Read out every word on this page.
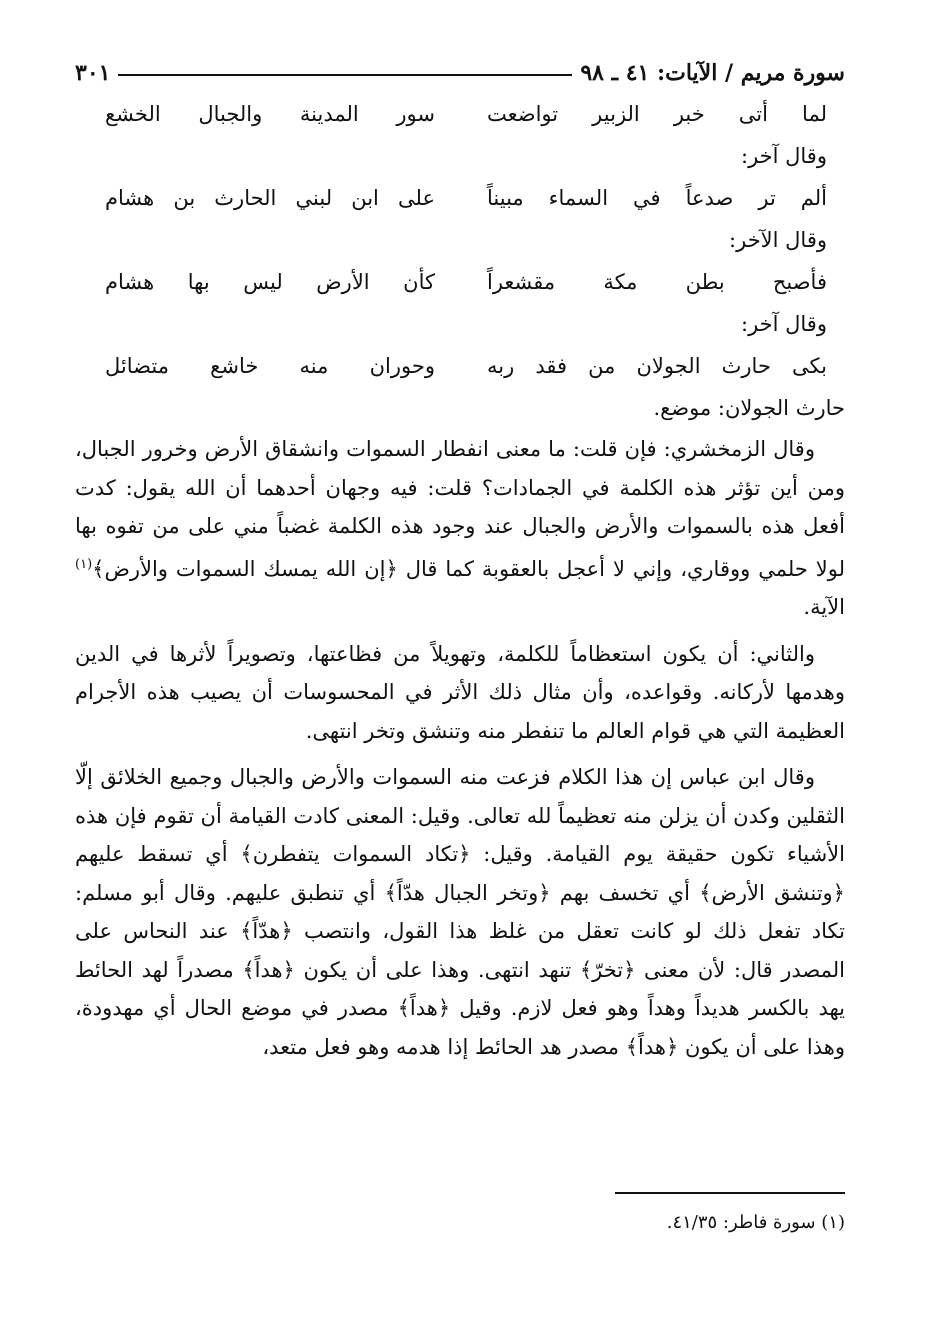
سورة مريم / الآيات: ٤١ ـ ٩٨
٣٠١
لما أتى خبر الزبير تواضعت
سور المدينة والجبال الخشع
وقال آخر:
ألم تر صدعاً في السماء مبيناً
على ابن لبني الحارث بن هشام
وقال الآخر:
فأصبح بطن مكة مقشعراً
كأن الأرض ليس بها هشام
وقال آخر:
بكى حارث الجولان من فقد ربه
وحوران منه خاشع متضائل
حارث الجولان: موضع.

وقال الزمخشري: فإن قلت: ما معنى انفطار السموات وانشقاق الأرض وخرور الجبال، ومن أين تؤثر هذه الكلمة في الجمادات؟ قلت: فيه وجهان أحدهما أن الله يقول: كدت أفعل هذه بالسموات والأرض والجبال عند وجود هذه الكلمة غضباً مني على من تفوه بها لولا حلمي ووقاري، وإني لا أعجل بالعقوبة كما قال ﴿إن الله يمسك السموات والأرض﴾$^{(١)}$ الآية.

والثاني: أن يكون استعظاماً للكلمة، وتهويلاً من فظاعتها، وتصويراً لأثرها في الدين وهدمها لأركانه. وقواعده، وأن مثال ذلك الأثر في المحسوسات أن يصيب هذه الأجرام العظيمة التي هي قوام العالم ما تنفطر منه وتنشق وتخر انتهى.

وقال ابن عباس إن هذا الكلام فزعت منه السموات والأرض والجبال وجميع الخلائق إلّا الثقلين وكدن أن يزلن منه تعظيماً لله تعالى. وقيل: المعنى كادت القيامة أن تقوم فإن هذه الأشياء تكون حقيقة يوم القيامة. وقيل: ﴿تكاد السموات يتفطرن﴾ أي تسقط عليهم ﴿وتنشق الأرض﴾ أي تخسف بهم ﴿وتخر الجبال هدّاً﴾ أي تنطبق عليهم. وقال أبو مسلم: تكاد تفعل ذلك لو كانت تعقل من غلظ هذا القول، وانتصب ﴿هدّاً﴾ عند النحاس على المصدر قال: لأن معنى ﴿تخرّ﴾ تنهد انتهى. وهذا على أن يكون ﴿هداً﴾ مصدراً لهد الحائط يهد بالكسر هديداً وهداً وهو فعل لازم. وقيل ﴿هداً﴾ مصدر في موضع الحال أي مهدودة، وهذا على أن يكون ﴿هداً﴾ مصدر هد الحائط إذا هدمه وهو فعل متعد،

(١) سورة فاطر: ٤١/٣٥.
